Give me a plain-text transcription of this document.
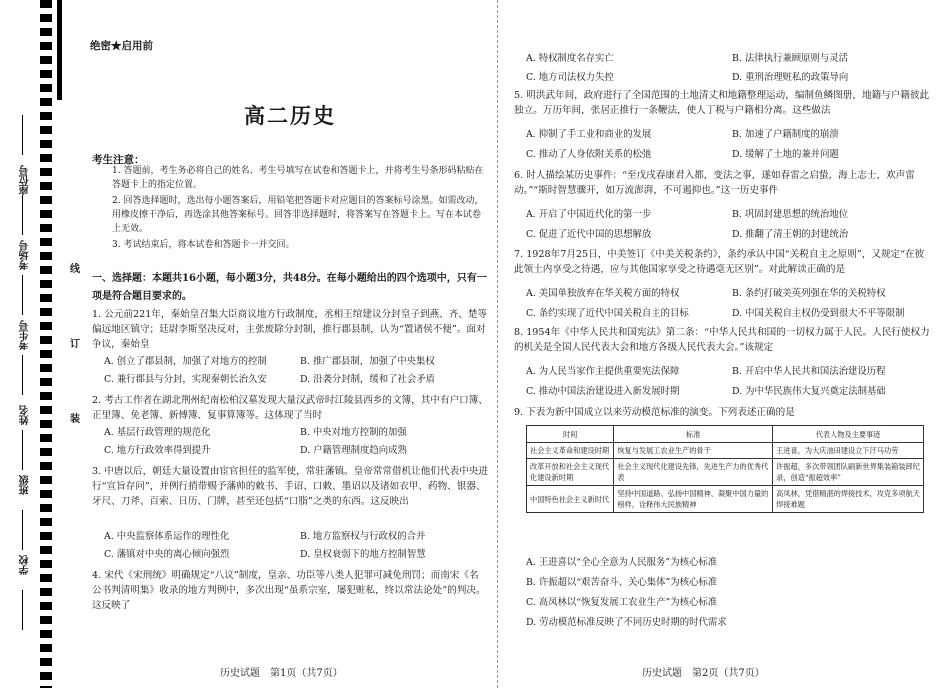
座位号
考场号
考生号
姓名
班级
学校
线
订
装
绝密★启用前
高二历史
考生注意：
1. 答题前，考生务必将自己的姓名、考生号填写在试卷和答题卡上，并将考生号条形码粘贴在答题卡上的指定位置。
2. 回答选择题时，选出每小题答案后，用铅笔把答题卡对应题目的答案标号涂黑。如需改动，用橡皮擦干净后，再选涂其他答案标号。回答非选择题时，将答案写在答题卡上。写在本试卷上无效。
3. 考试结束后，将本试卷和答题卡一并交回。
一、选择题：本题共16小题，每小题3分，共48分。在每小题给出的四个选项中，只有一项是符合题目要求的。
1. 公元前221年，秦始皇召集大臣商议地方行政制度，丞相王绾建议分封皇子到燕、齐、楚等偏远地区镇守；廷尉李斯坚决反对，主张废除分封制，推行郡县制，认为“置诸侯不便”。面对争议，秦始皇
A. 创立了郡县制，加强了对地方的控制	B. 推广郡县制，加强了中央集权
C. 兼行郡县与分封，实现秦朝长治久安	D. 沿袭分封制，缓和了社会矛盾
2. 考古工作者在湖北荆州纪南松柏汉墓发现大量汉武帝时江陵县西乡的文簿，其中有户口簿、正里簿、免老簿、新傅簿、复事算簿等。这体现了当时
A. 基层行政管理的规范化	B. 中央对地方控制的加强
C. 地方行政效率得到提升	D. 户籍管理制度趋向成熟
3. 中唐以后，朝廷大量设置由宦官担任的监军使，常驻藩镇。皇帝常常借机让他们代表中央进行“宣旨存问”，并例行捎带赐予藩帅的敕书、手诏、口敕、墨诏以及诸如衣甲、药物、银器、牙尺、刀斧、百索、日历、门牌，甚至还包括“口脂”之类的东西。这反映出
A. 中央监察体系运作的理性化	B. 地方监察权与行政权的合并
C. 藩镇对中央的离心倾向强烈	D. 皇权衰弱下的地方控制智慧
4. 宋代《宋刑统》明确规定“八议”制度，皇亲、功臣等八类人犯罪可减免刑罚；而南宋《名公书判清明集》收录的地方判例中，多次出现“虽系宗室，屡犯赃私，终以常法论处”的判决。这反映了
历史试题　第1页（共7页）
A. 特权制度名存实亡	B. 法律执行兼顾原则与灵活
C. 地方司法权力失控	D. 重刑治理赃私的政策导向
5. 明洪武年间，政府进行了全国范围的土地清丈和地籍整理运动，编制鱼鳞图册，地籍与户籍彼此独立。万历年间，张居正推行一条鞭法，使人丁税与户籍相分离。这些做法
A. 抑制了手工业和商业的发展	B. 加速了户籍制度的崩溃
C. 推动了人身依附关系的松弛	D. 缓解了土地的兼并问题
6. 时人描绘某历史事件：“至戊戌春康君入都，变法之事，遂如春雷之启蛰，海上志士，欢声雷动。”“斯时智慧骤开，如万流澎湃，不可遏抑也。”这一历史事件
A. 开启了中国近代化的第一步	B. 巩固封建思想的统治地位
C. 促进了近代中国的思想解放	D. 推翻了清王朝的封建统治
7. 1928年7月25日，中美签订《中美关税条约》，条约承认中国“关税自主之原则”，又规定“在彼此领土内享受之待遇，应与其他国家享受之待遇毫无区别”。对此解读正确的是
A. 美国单独放弃在华关税方面的特权	B. 条约打破美英列强在华的关税特权
C. 条约实现了近代中国关税自主的目标	D. 中国关税自主权仍受到很大不平等限制
8. 1954年《中华人民共和国宪法》第二条：“中华人民共和国的一切权力属于人民。人民行使权力的机关是全国人民代表大会和地方各级人民代表大会。”该规定
A. 为人民当家作主提供重要宪法保障	B. 开启中华人民共和国法治建设历程
C. 推动中国法治建设进入新发展时期	D. 为中华民族伟大复兴奠定法制基础
9. 下表为新中国成立以来劳动模范标准的演变。下列表述正确的是
时间	标准	代表人物及主要事迹
社会主义革命和建设时期	恢复与发展工农业生产的骨干	王进喜，为大庆油田建设立下汗马功劳
改革开放和社会主义现代化建设新时期	社会主义现代化建设先锋，先进生产力的优秀代表	许振超，多次带领团队刷新世界集装箱装卸纪录，创造“振超效率”
中国特色社会主义新时代	坚持中国道路、弘扬中国精神、凝聚中国力量的榜样，诠释伟大民族精神	高凤林，凭借精湛的焊接技术，攻克多项航天焊接难题
A. 王进喜以“全心全意为人民服务”为核心标准
B. 许振超以“艰苦奋斗、关心集体”为核心标准
C. 高凤林以“恢复发展工农业生产”为核心标准
D. 劳动模范标准反映了不同历史时期的时代需求
历史试题　第2页（共7页）
